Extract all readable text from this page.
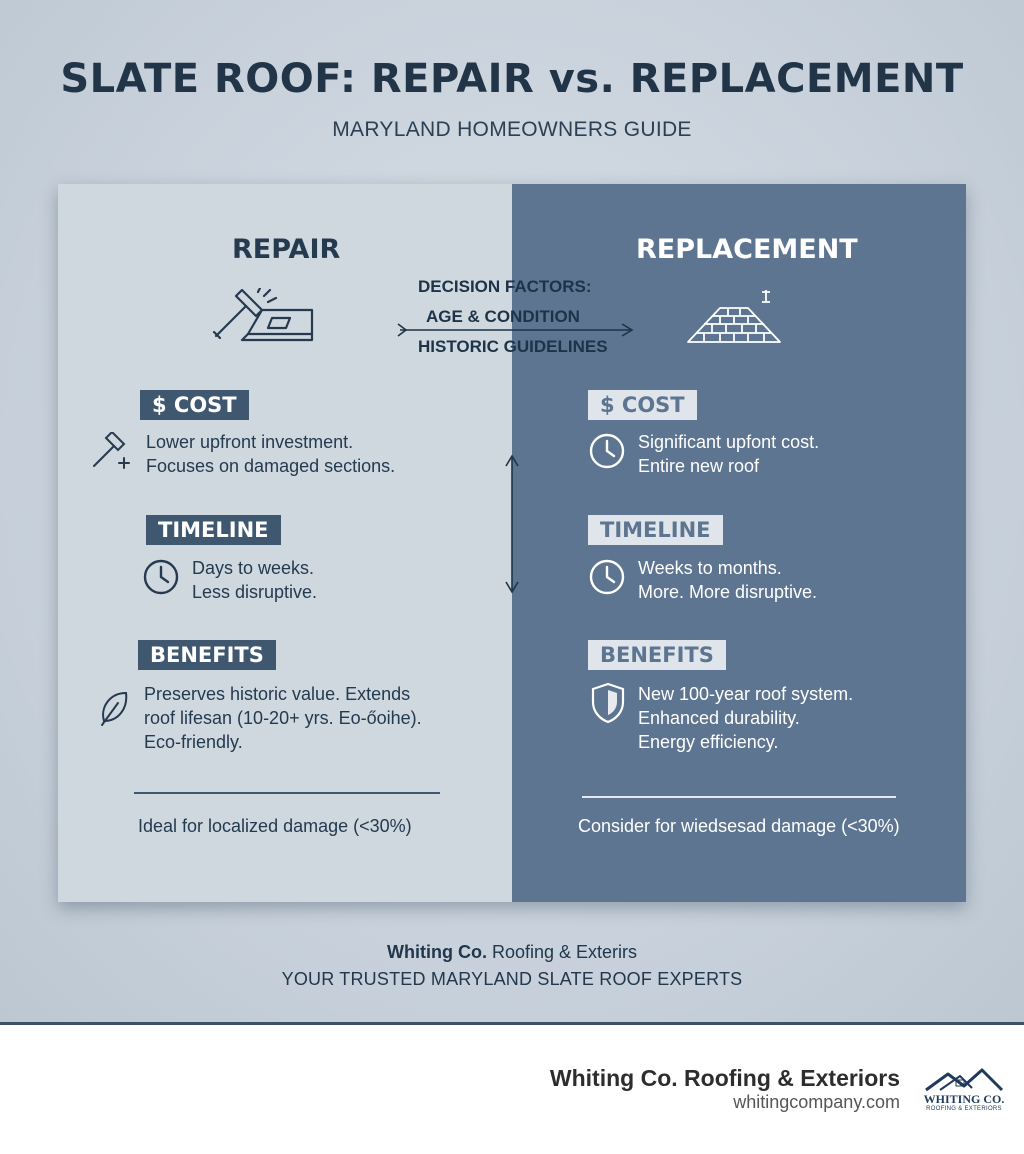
SLATE ROOF: REPAIR vs. REPLACEMENT
MARYLAND HOMEOWNERS GUIDE
REPAIR	REPLACEMENT
DECISION FACTORS:
AGE & CONDITION
HISTORIC GUIDELINES
$ COST
Lower upfront investment.
Focuses on damaged sections.
TIMELINE
Days to weeks.
Less disruptive.
BENEFITS
Preserves historic value. Extends
roof lifesan (10-20+ yrs. Eo-őoihe).
Eco-friendly.
Ideal for localized damage (<30%)
$ COST
Significant upfont cost.
Entire new roof
TIMELINE
Weeks to months.
More. More disruptive.
BENEFITS
New 100-year roof system.
Enhanced durability.
Energy efficiency.
Consider for wiedsesad damage (<30%)
Whiting Co. Roofing & Exterirs
YOUR TRUSTED MARYLAND SLATE ROOF EXPERTS
Whiting Co. Roofing & Exteriors
whitingcompany.com	WHITING CO.
ROOFING & EXTERIORS
